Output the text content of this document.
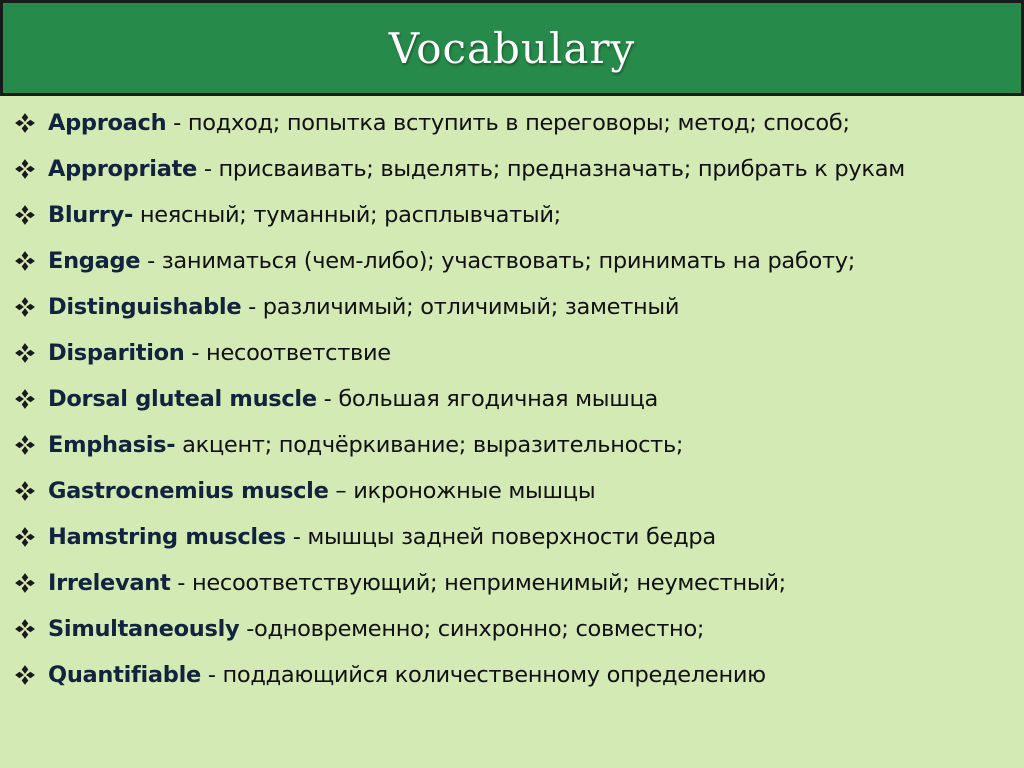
Vocabulary
Approach - подход; попытка вступить в переговоры; метод; способ;
Appropriate - присваивать; выделять; предназначать; прибрать к рукам
Blurry- неясный; туманный; расплывчатый;
Engage - заниматься (чем-либо); участвовать; принимать на работу;
Distinguishable - различимый; отличимый; заметный
Disparition - несоответствие
Dorsal gluteal muscle - большая ягодичная мышца
Emphasis- акцент; подчёркивание; выразительность;
Gastrocnemius muscle – икроножные мышцы
Hamstring muscles - мышцы задней поверхности бедра
Irrelevant - несоответствующий; неприменимый; неуместный;
Simultaneously -одновременно; синхронно; совместно;
Quantifiable - поддающийся количественному определению
